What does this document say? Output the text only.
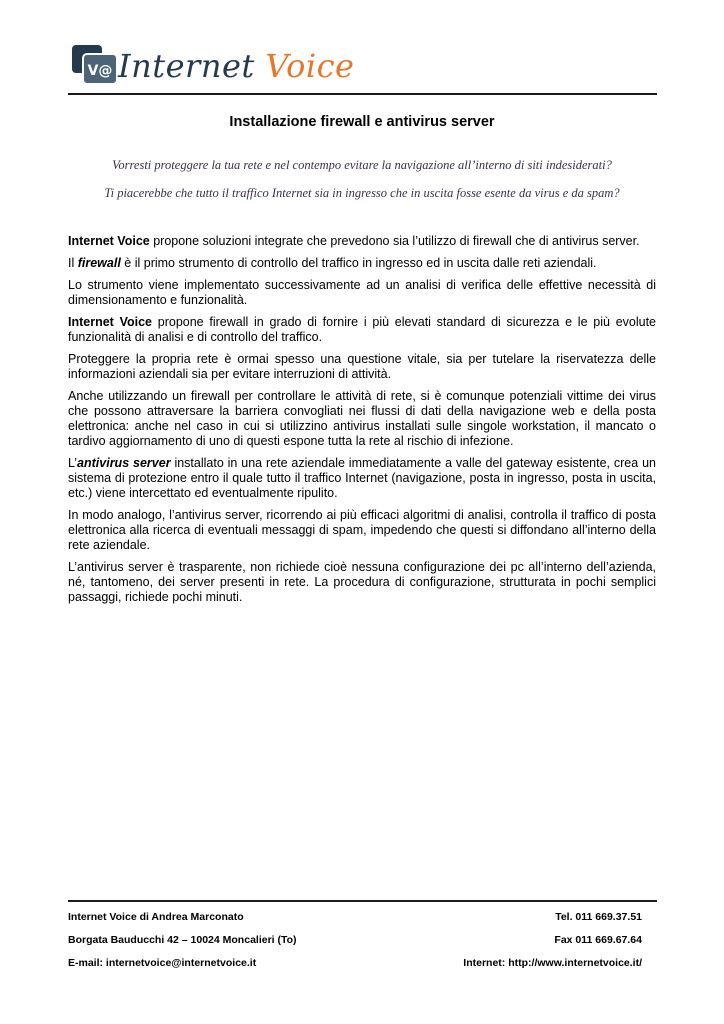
V@ Internet Voice
Installazione firewall e antivirus server

Vorresti proteggere la tua rete e nel contempo evitare la navigazione all’interno di siti indesiderati?

Ti piacerebbe che tutto il traffico Internet sia in ingresso che in uscita fosse esente da virus e da spam?

Internet Voice propone soluzioni integrate che prevedono sia l’utilizzo di firewall che di antivirus server.

Il firewall è il primo strumento di controllo del traffico in ingresso ed in uscita dalle reti aziendali.

Lo strumento viene implementato successivamente ad un analisi di verifica delle effettive necessità di dimensionamento e funzionalità.

Internet Voice propone firewall in grado di fornire i più elevati standard di sicurezza e le più evolute funzionalità di analisi e di controllo del traffico.

Proteggere la propria rete è ormai spesso una questione vitale, sia per tutelare la riservatezza delle informazioni aziendali sia per evitare interruzioni di attività.

Anche utilizzando un firewall per controllare le attività di rete, si è comunque potenziali vittime dei virus che possono attraversare la barriera convogliati nei flussi di dati della navigazione web e della posta elettronica: anche nel caso in cui si utilizzino antivirus installati sulle singole workstation, il mancato o tardivo aggiornamento di uno di questi espone tutta la rete al rischio di infezione.

L’antivirus server installato in una rete aziendale immediatamente a valle del gateway esistente, crea un sistema di protezione entro il quale tutto il traffico Internet (navigazione, posta in ingresso, posta in uscita, etc.) viene intercettato ed eventualmente ripulito.

In modo analogo, l’antivirus server, ricorrendo ai più efficaci algoritmi di analisi, controlla il traffico di posta elettronica alla ricerca di eventuali messaggi di spam, impedendo che questi si diffondano all’interno della rete aziendale.

L’antivirus server è trasparente, non richiede cioè nessuna configurazione dei pc all’interno dell’azienda, né, tantomeno, dei server presenti in rete. La procedura di configurazione, strutturata in pochi semplici passaggi, richiede pochi minuti.

Internet Voice di Andrea Marconato	Tel. 011 669.37.51
Borgata Bauducchi 42 – 10024 Moncalieri (To)	Fax 011 669.67.64
E-mail: internetvoice@internetvoice.it	Internet: http://www.internetvoice.it/
